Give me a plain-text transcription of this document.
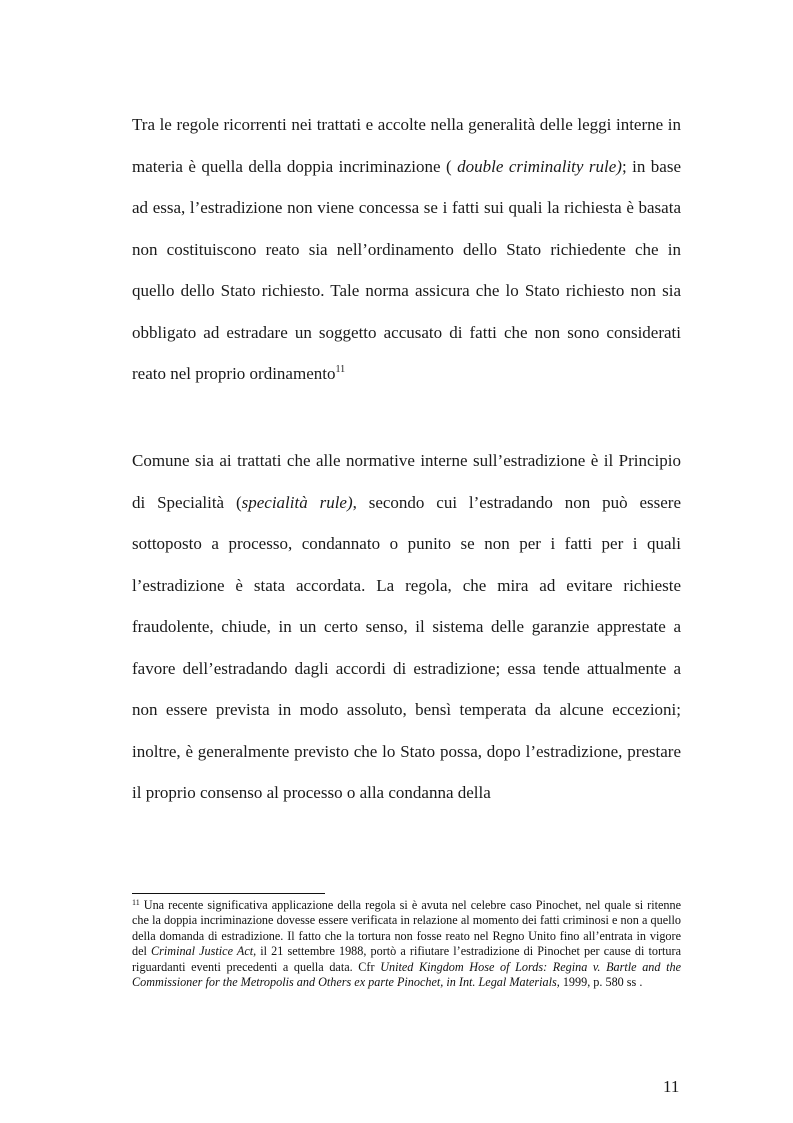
Tra le regole ricorrenti nei trattati e accolte nella generalità delle leggi interne in materia è quella della doppia incriminazione ( double criminality rule); in base ad essa, l’estradizione non viene concessa se i fatti sui quali la richiesta è basata non costituiscono reato sia nell’ordinamento dello Stato richiedente che in quello dello Stato richiesto. Tale norma assicura che lo Stato richiesto non sia obbligato ad estradare un soggetto accusato di fatti che non sono considerati reato nel proprio ordinamento$^{11}$

Comune sia ai trattati che alle normative interne sull’estradizione è il Principio di Specialità (specialità rule), secondo cui l’estradando non può essere sottoposto a processo, condannato o punito se non per i fatti per i quali l’estradizione è stata accordata. La regola, che mira ad evitare richieste fraudolente, chiude, in un certo senso, il sistema delle garanzie apprestate a favore dell’estradando dagli accordi di estradizione; essa tende attualmente a non essere prevista in modo assoluto, bensì temperata da alcune eccezioni; inoltre, è generalmente previsto che lo Stato possa, dopo l’estradizione, prestare il proprio consenso al processo o alla condanna della

$^{11}$ Una recente significativa applicazione della regola si è avuta nel celebre caso Pinochet, nel quale si ritenne che la doppia incriminazione dovesse essere verificata in relazione al momento dei fatti criminosi e non a quello della domanda di estradizione. Il fatto che la tortura non fosse reato nel Regno Unito fino all’entrata in vigore del Criminal Justice Act, il 21 settembre 1988, portò a rifiutare l’estradizione di Pinochet per cause di tortura riguardanti eventi precedenti a quella data. Cfr United Kingdom Hose of Lords: Regina v. Bartle and the Commissioner for the Metropolis and Others ex parte Pinochet, in Int. Legal Materials, 1999, p. 580 ss .

11
